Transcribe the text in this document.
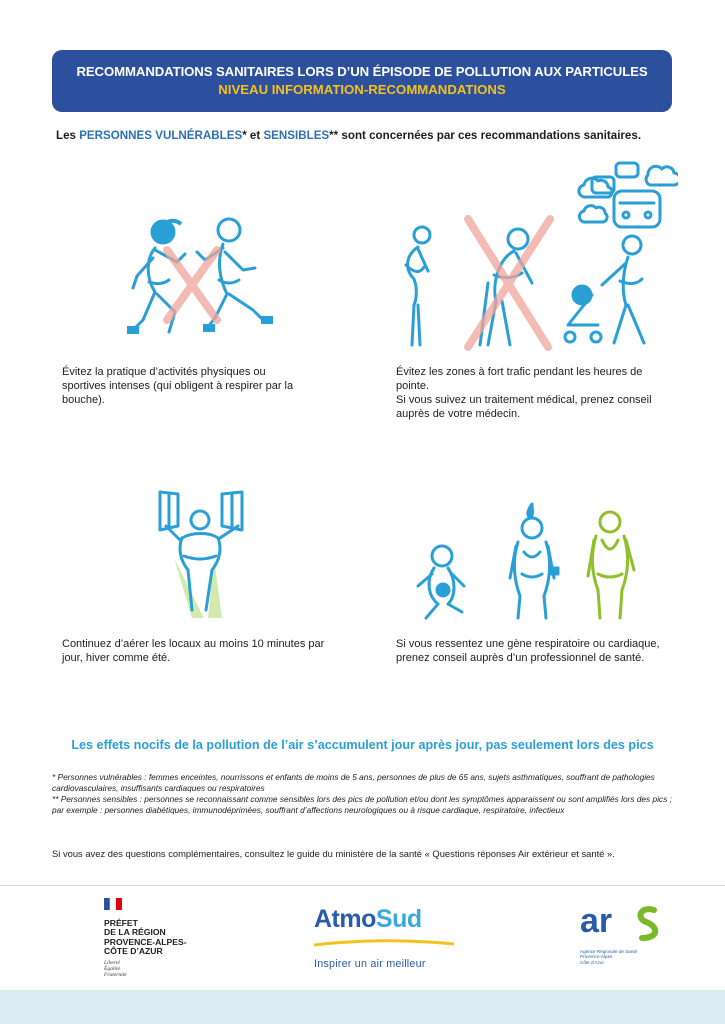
RECOMMANDATIONS SANITAIRES LORS D’UN ÉPISODE DE POLLUTION AUX PARTICULES
NIVEAU INFORMATION-RECOMMANDATIONS
Les PERSONNES VULNÉRABLES* et SENSIBLES** sont concernées par ces recommandations sanitaires.
Évitez la pratique d’activités physiques ou sportives intenses (qui obligent à respirer par la bouche).
Évitez les zones à fort trafic pendant les heures de pointe.
Si vous suivez un traitement médical, prenez conseil auprès de votre médecin.
Continuez d’aérer les locaux au moins 10 minutes par jour, hiver comme été.
Si vous ressentez une gène respiratoire ou cardiaque, prenez conseil auprès d’un professionnel de santé.
Les effets nocifs de la pollution de l’air s’accumulent jour après jour, pas seulement lors des pics

* Personnes vulnérables : femmes enceintes, nourrissons et enfants de moins de 5 ans, personnes de plus de 65 ans, sujets asthmatiques, souffrant de pathologies cardiovasculaires, insuffisants cardiaques ou respiratoires

** Personnes sensibles : personnes se reconnaissant comme sensibles lors des pics de pollution et/ou dont les symptômes apparaissent ou sont amplifiés lors des pics ; par exemple : personnes diabétiques, immunodéprimées, souffrant d’affections neurologiques ou à risque cardiaque, respiratoire, infectieux

Si vous avez des questions complémentaires, consultez le guide du ministère de la santé « Questions réponses Air extérieur et santé ».
PRÉFET
DE LA RÉGION
PROVENCE-ALPES-
CÔTE D’AZUR
Liberté
Égalité
Fraternité
AtmoSud
Inspirer un air meilleur
ar
Agence Régionale de Santé
Provence-Alpes
Côte d’Azur
